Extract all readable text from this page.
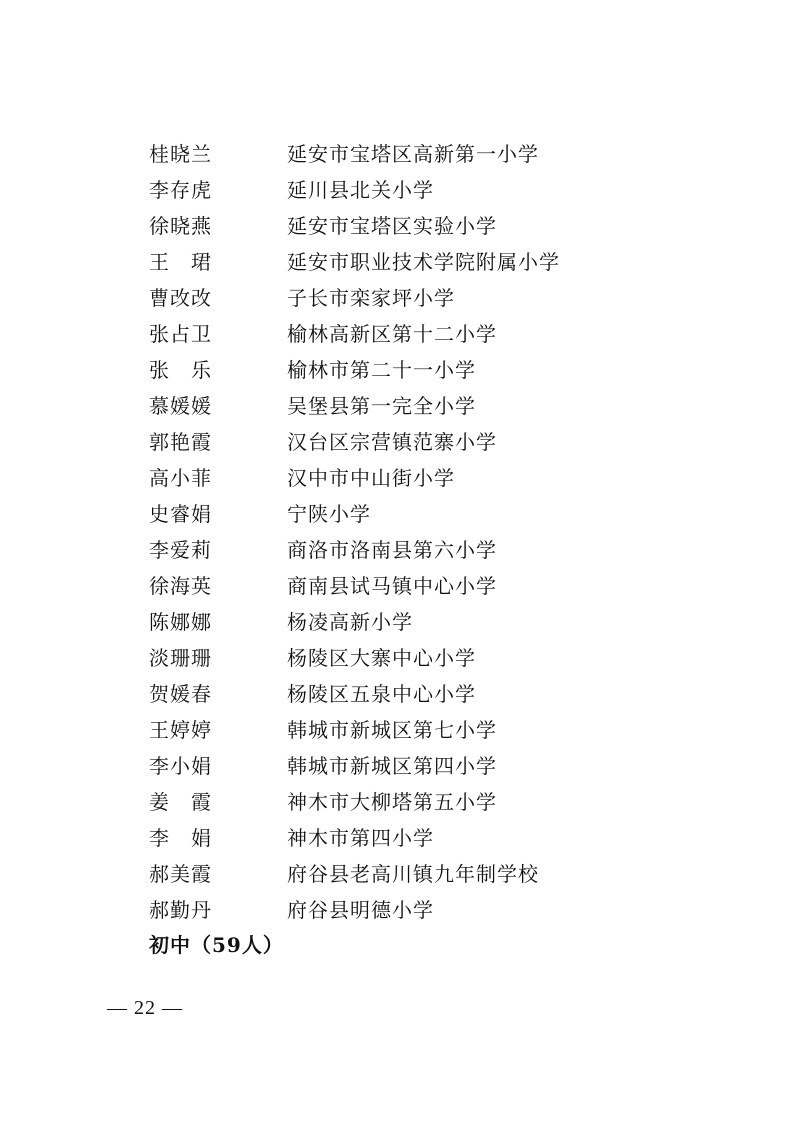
桂晓兰	延安市宝塔区高新第一小学
李存虎	延川县北关小学
徐晓燕	延安市宝塔区实验小学
王　珺	延安市职业技术学院附属小学
曹改改	子长市栾家坪小学
张占卫	榆林高新区第十二小学
张　乐	榆林市第二十一小学
慕媛媛	吴堡县第一完全小学
郭艳霞	汉台区宗营镇范寨小学
高小菲	汉中市中山街小学
史睿娟	宁陕小学
李爱莉	商洛市洛南县第六小学
徐海英	商南县试马镇中心小学
陈娜娜	杨凌高新小学
淡珊珊	杨陵区大寨中心小学
贺媛春	杨陵区五泉中心小学
王婷婷	韩城市新城区第七小学
李小娟	韩城市新城区第四小学
姜　霞	神木市大柳塔第五小学
李　娟	神木市第四小学
郝美霞	府谷县老高川镇九年制学校
郝勤丹	府谷县明德小学
初中（59人）
— 22 —
